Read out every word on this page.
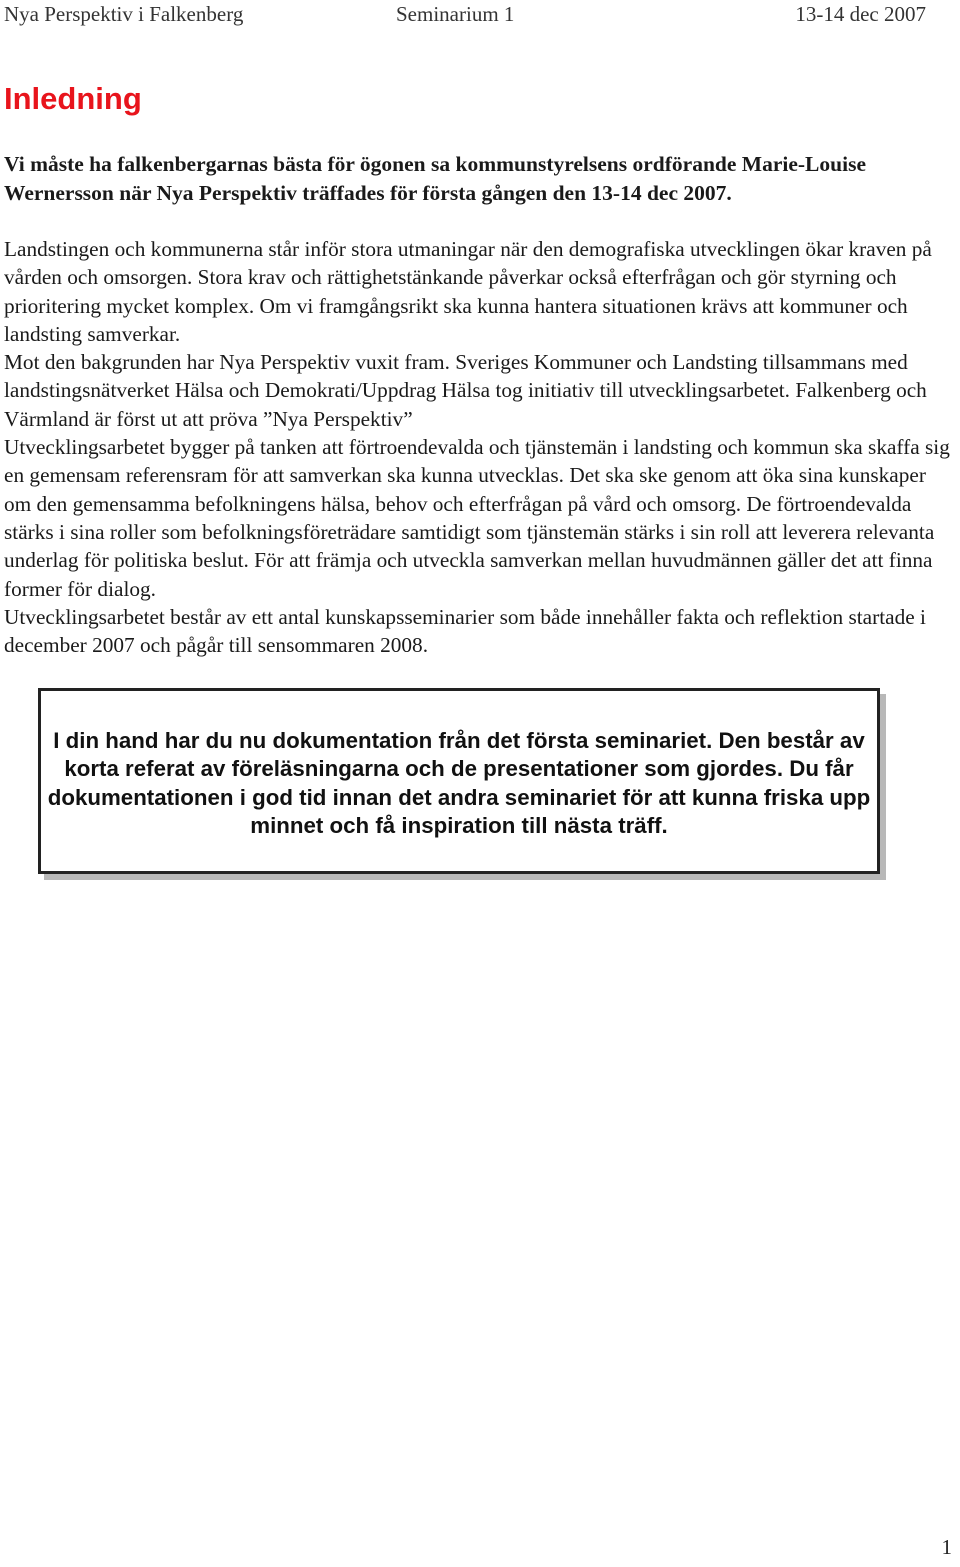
Nya Perspektiv i Falkenberg	Seminarium 1	13-14 dec 2007
Inledning

Vi måste ha falkenbergarnas bästa för ögonen sa kommunstyrelsens ordförande Marie-Louise Wernersson när Nya Perspektiv träffades för första gången den 13-14 dec 2007.

Landstingen och kommunerna står inför stora utmaningar när den demografiska utvecklingen ökar kraven på vården och omsorgen. Stora krav och rättighetstänkande påverkar också efterfrågan och gör styrning och prioritering mycket komplex. Om vi framgångsrikt ska kunna hantera situationen krävs att kommuner och landsting samverkar.

Mot den bakgrunden har Nya Perspektiv vuxit fram. Sveriges Kommuner och Landsting tillsammans med landstingsnätverket Hälsa och Demokrati/Uppdrag Hälsa tog initiativ till utvecklingsarbetet. Falkenberg och Värmland är först ut att pröva ”Nya Perspektiv”

Utvecklingsarbetet bygger på tanken att förtroendevalda och tjänstemän i landsting och kommun ska skaffa sig en gemensam referensram för att samverkan ska kunna utvecklas. Det ska ske genom att öka sina kunskaper om den gemensamma befolkningens hälsa, behov och efterfrågan på vård och omsorg. De förtroendevalda stärks i sina roller som befolkningsföreträdare samtidigt som tjänstemän stärks i sin roll att leverera relevanta underlag för politiska beslut. För att främja och utveckla samverkan mellan huvudmännen gäller det att finna former för dialog.

Utvecklingsarbetet består av ett antal kunskapsseminarier som både innehåller fakta och reflektion startade i december 2007 och pågår till sensommaren 2008.

I din hand har du nu dokumentation från det första seminariet. Den består av korta referat av föreläsningarna och de presentationer som gjordes. Du får dokumentationen i god tid innan det andra seminariet för att kunna friska upp minnet och få inspiration till nästa träff.

1
